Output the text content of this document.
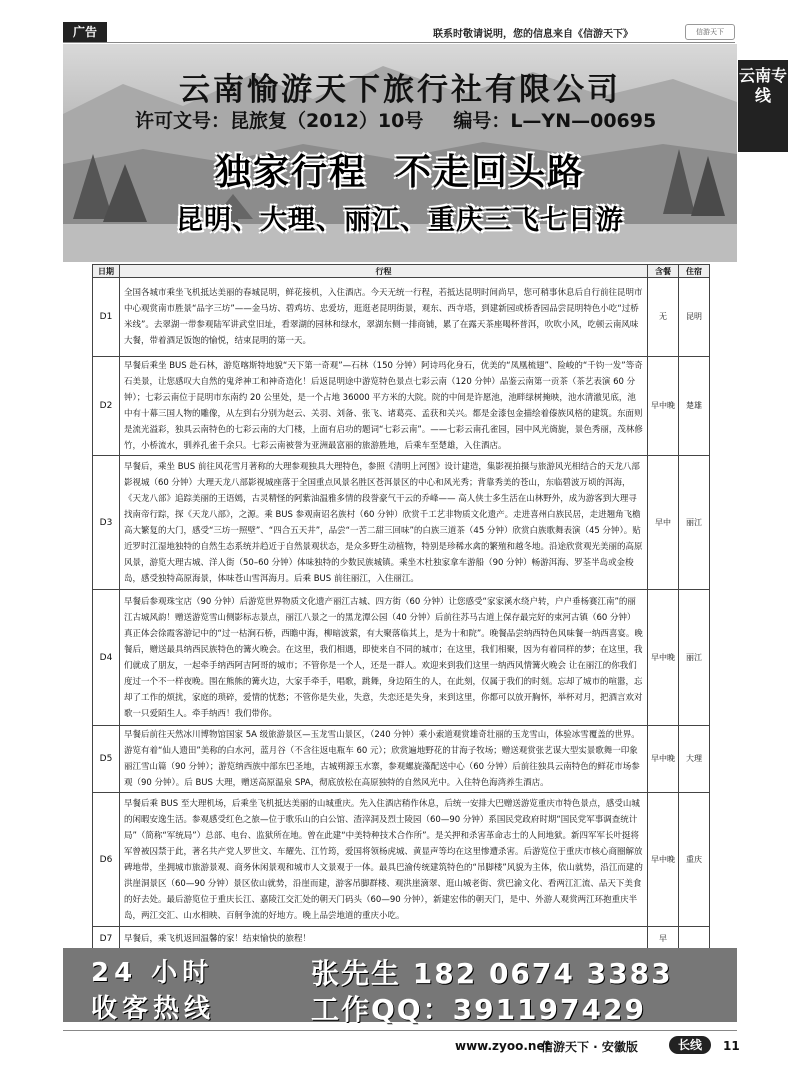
广告	联系时敬请说明，您的信息来自《信游天下》	信游天下
云南专线
云南愉游天下旅行社有限公司
许可文号：昆旅复（2012）10号 编号：L—YN—00695
独家行程 不走回头路
昆明、大理、丽江、重庆三飞七日游
日期	行程	含餐	住宿
D1	全国各城市乘坐飞机抵达美丽的春城昆明，鲜花接机，入住酒店。今天无统一行程，若抵达昆明时间尚早，您可稍事休息后自行前往昆明市中心观赏南市胜景“品字三坊”——金马坊、碧鸡坊、忠爱坊，逛逛老昆明街景，观东、西寺塔，到建新园或桥香园品尝昆明特色小吃“过桥米线”。去翠湖一带参观陆军讲武堂旧址，看翠湖的园林和绿水，翠湖东侧一排商铺，累了在露天茶座喝杯普洱，吹吹小风，吃顿云南风味大餐，带着酒足饭饱的愉悦，结束昆明的第一天。	无	昆明
D2	早餐后乘坐 BUS 赴石林，游览喀斯特地貌“天下第一奇观”—石林（150 分钟）阿诗玛化身石，优美的“凤凰梳翅”、险峻的“千钧一发”等奇石美景，让您感叹大自然的鬼斧神工和神奇造化！后返昆明途中游览特色景点七彩云南（120 分钟）品鉴云南第一贡茶（茶艺表演 60 分钟）；七彩云南位于昆明市东南约 20 公里处，是一个占地 36000 平方米的大院。院的中间是许愿池，池畔绿树掩映，池水清澈见底，池中有十幕三国人物的雕像，从左到右分别为赵云、关羽、刘备、张飞、诸葛亮、孟获和关兴。都是金漆包金描绘着傣族风格的建筑。东面则是流光溢彩，独具云南特色的七彩云南的大门楼，上面有启功的题词“七彩云南”。——七彩云南孔雀园，园中风光旖旎，景色秀丽，茂林修竹，小桥流水，驯养孔雀千余只。七彩云南被誉为亚洲最富丽的旅游胜地，后乘车至楚雄，入住酒店。	早中晚	楚雄
D3	早餐后，乘坐 BUS 前往风花雪月著称的大理参观独具大理特色，参照《清明上河图》设计建造，集影视拍摄与旅游风光相结合的天龙八部影视城（60 分钟）大理天龙八部影视城座落于全国重点风景名胜区苍洱景区的中心和风光秀；背靠秀美的苍山，东临碧波万顷的洱海，《天龙八部》追踪美丽的王语嫣，古灵精怪的阿紫油温雅多情的段誉豪气干云的乔峰—— 高人侠士多生活在山林野外，成为游客到大理寻找南帝行踪，探《天龙八部》，之源。乘 BUS 参观南诏名族村（60 分钟）欣赏千工艺非物质文化遗产。走进喜州白族民居，走进翘角飞檐高大繁复的大门，感受“三坊一照壁”、“四合五天井”，品尝“一苦二甜三回味”的白族三道茶（45 分钟）欣赏白族歌舞表演（45 分钟）。贴近罗时江湿地独特的自然生态系统并趋近于自然景观状态，是众多野生动植物，特别是珍稀水禽的繁殖和越冬地。沿途欣赏观光美丽的高原风景，游览大理古城、洋人街（50–60 分钟）体味独特的少数民族城镇。乘坐木杜独家拿车游船（90 分钟）畅游洱海、罗荃半岛或金梭岛，感受独特高原海景，体味苍山雪洱海月。后乘 BUS 前往丽江，入住丽江。	早中	丽江
D4	早餐后参观珠宝店（90 分钟）后游览世界物质文化遗产丽江古城、四方街（60 分钟）让您感受“家家溪水绕户转，户户垂杨赛江南”的丽江古城风韵！赠送游览雪山侧影标志景点，丽江八景之一的黑龙潭公园（40 分钟）后前往苏马古道上保存最完好的束河古镇（60 分钟）真正体会徐霞客游记中的“过一枯涧石桥，西瞻中海，柳暗波萦，有大聚落临其上，是为十和院”。晚餐品尝纳西特色风味餐一纳西喜宴。晚餐后，赠送最具纳西民族特色的篝火晚会。在这里，我们相遇，即使来自不同的城市；在这里，我们相聚，因为有着同样的梦；在这里，我们就成了朋友，一起牵手纳西阿吉阿哥的城市；不管你是一个人，还是一群人。欢迎来到我们这里一纳西风情篝火晚会 让在丽江的你我们度过一个不一样夜晚。围在熊熊的篝火边，大家手牵手，唱歌，跳舞，身边陌生的人，在此刻，仅属于我们的时刻。忘却了城市的喧嚣，忘却了工作的烦扰，家庭的琐碎，爱情的忧愁；不管你是失业，失意，失恋还是失身，来到这里，你都可以放开胸怀，举杯对月，把酒言欢对歌一只爱陌生人。牵手纳西！我们带你。	早中晚	丽江
D5	早餐后前往天然冰川博物馆国家 5A 级旅游景区—玉龙雪山景区，（240 分钟）乘小索道观赏雄奇壮丽的玉龙雪山，体验冰雪覆盖的世界。游览有着“仙人遗田”美称的白水河，蓝月谷（不含往返电瓶车 60 元）；欣赏遍地野花的甘海子牧场；赠送观赏张艺谋大型实景歌舞一印象丽江雪山篇（90 分钟）；游览纳西族中部东巴圣地，古城朔源玉水寨，参观螺旋藻配送中心（60 分钟）后前往独具云南特色的鲜花市场参观（90 分钟）。后 BUS 大理，赠送高原温泉 SPA，彻底放松在高原独特的自然风光中。入住特色海湾养生酒店。	早中晚	大理
D6	早餐后乘 BUS 至大理机场，后乘坐飞机抵达美丽的山城重庆。先入住酒店稍作休息，后统一安排大巴赠送游览重庆市特色景点，感受山城的闲暇安逸生活。参观感受红色之旅—位于歌乐山的白公馆、渣滓洞及烈士陵园（60—90 分钟）系国民党政府时期“国民党军事调查统计局”（简称“军统局”）总部、电台、监狱所在地。曾在此建“中美特种技术合作所”。是关押和杀害革命志士的人间地狱。新四军军长叶挺将军曾被囚禁于此，著名共产党人罗世文、车耀先、江竹筠，爱国将领杨虎城、黄显声等均在这里惨遭杀害。后游览位于重庆市核心商圈解放碑地带，坐拥城市旅游景观、商务休闲景观和城市人文景观于一体。最具巴渝传统建筑特色的“吊脚楼”风貌为主体，依山就势，沿江而建的洪崖洞景区（60—90 分钟）景区依山就势，沿崖而建，游客吊脚群楼、观洪崖滴翠、逛山城老街、赏巴渝文化、看两江汇流、品天下美食的好去处。最后游览位于重庆长江、嘉陵江交汇处的朝天门码头（60—90 分钟），新建宏伟的朝天门，是中、外游人观赏两江环抱重庆半岛，两江交汇、山水相映、百舸争流的好地方。晚上品尝地道的重庆小吃。	早中晚	重庆
D7	早餐后，乘飞机返回温馨的家！结束愉快的旅程！	早	
24 小时
收客热线
张先生 182 0674 3383
工作QQ：391197429
www.zyoo.net
信游天下 · 安徽版	长线	11
